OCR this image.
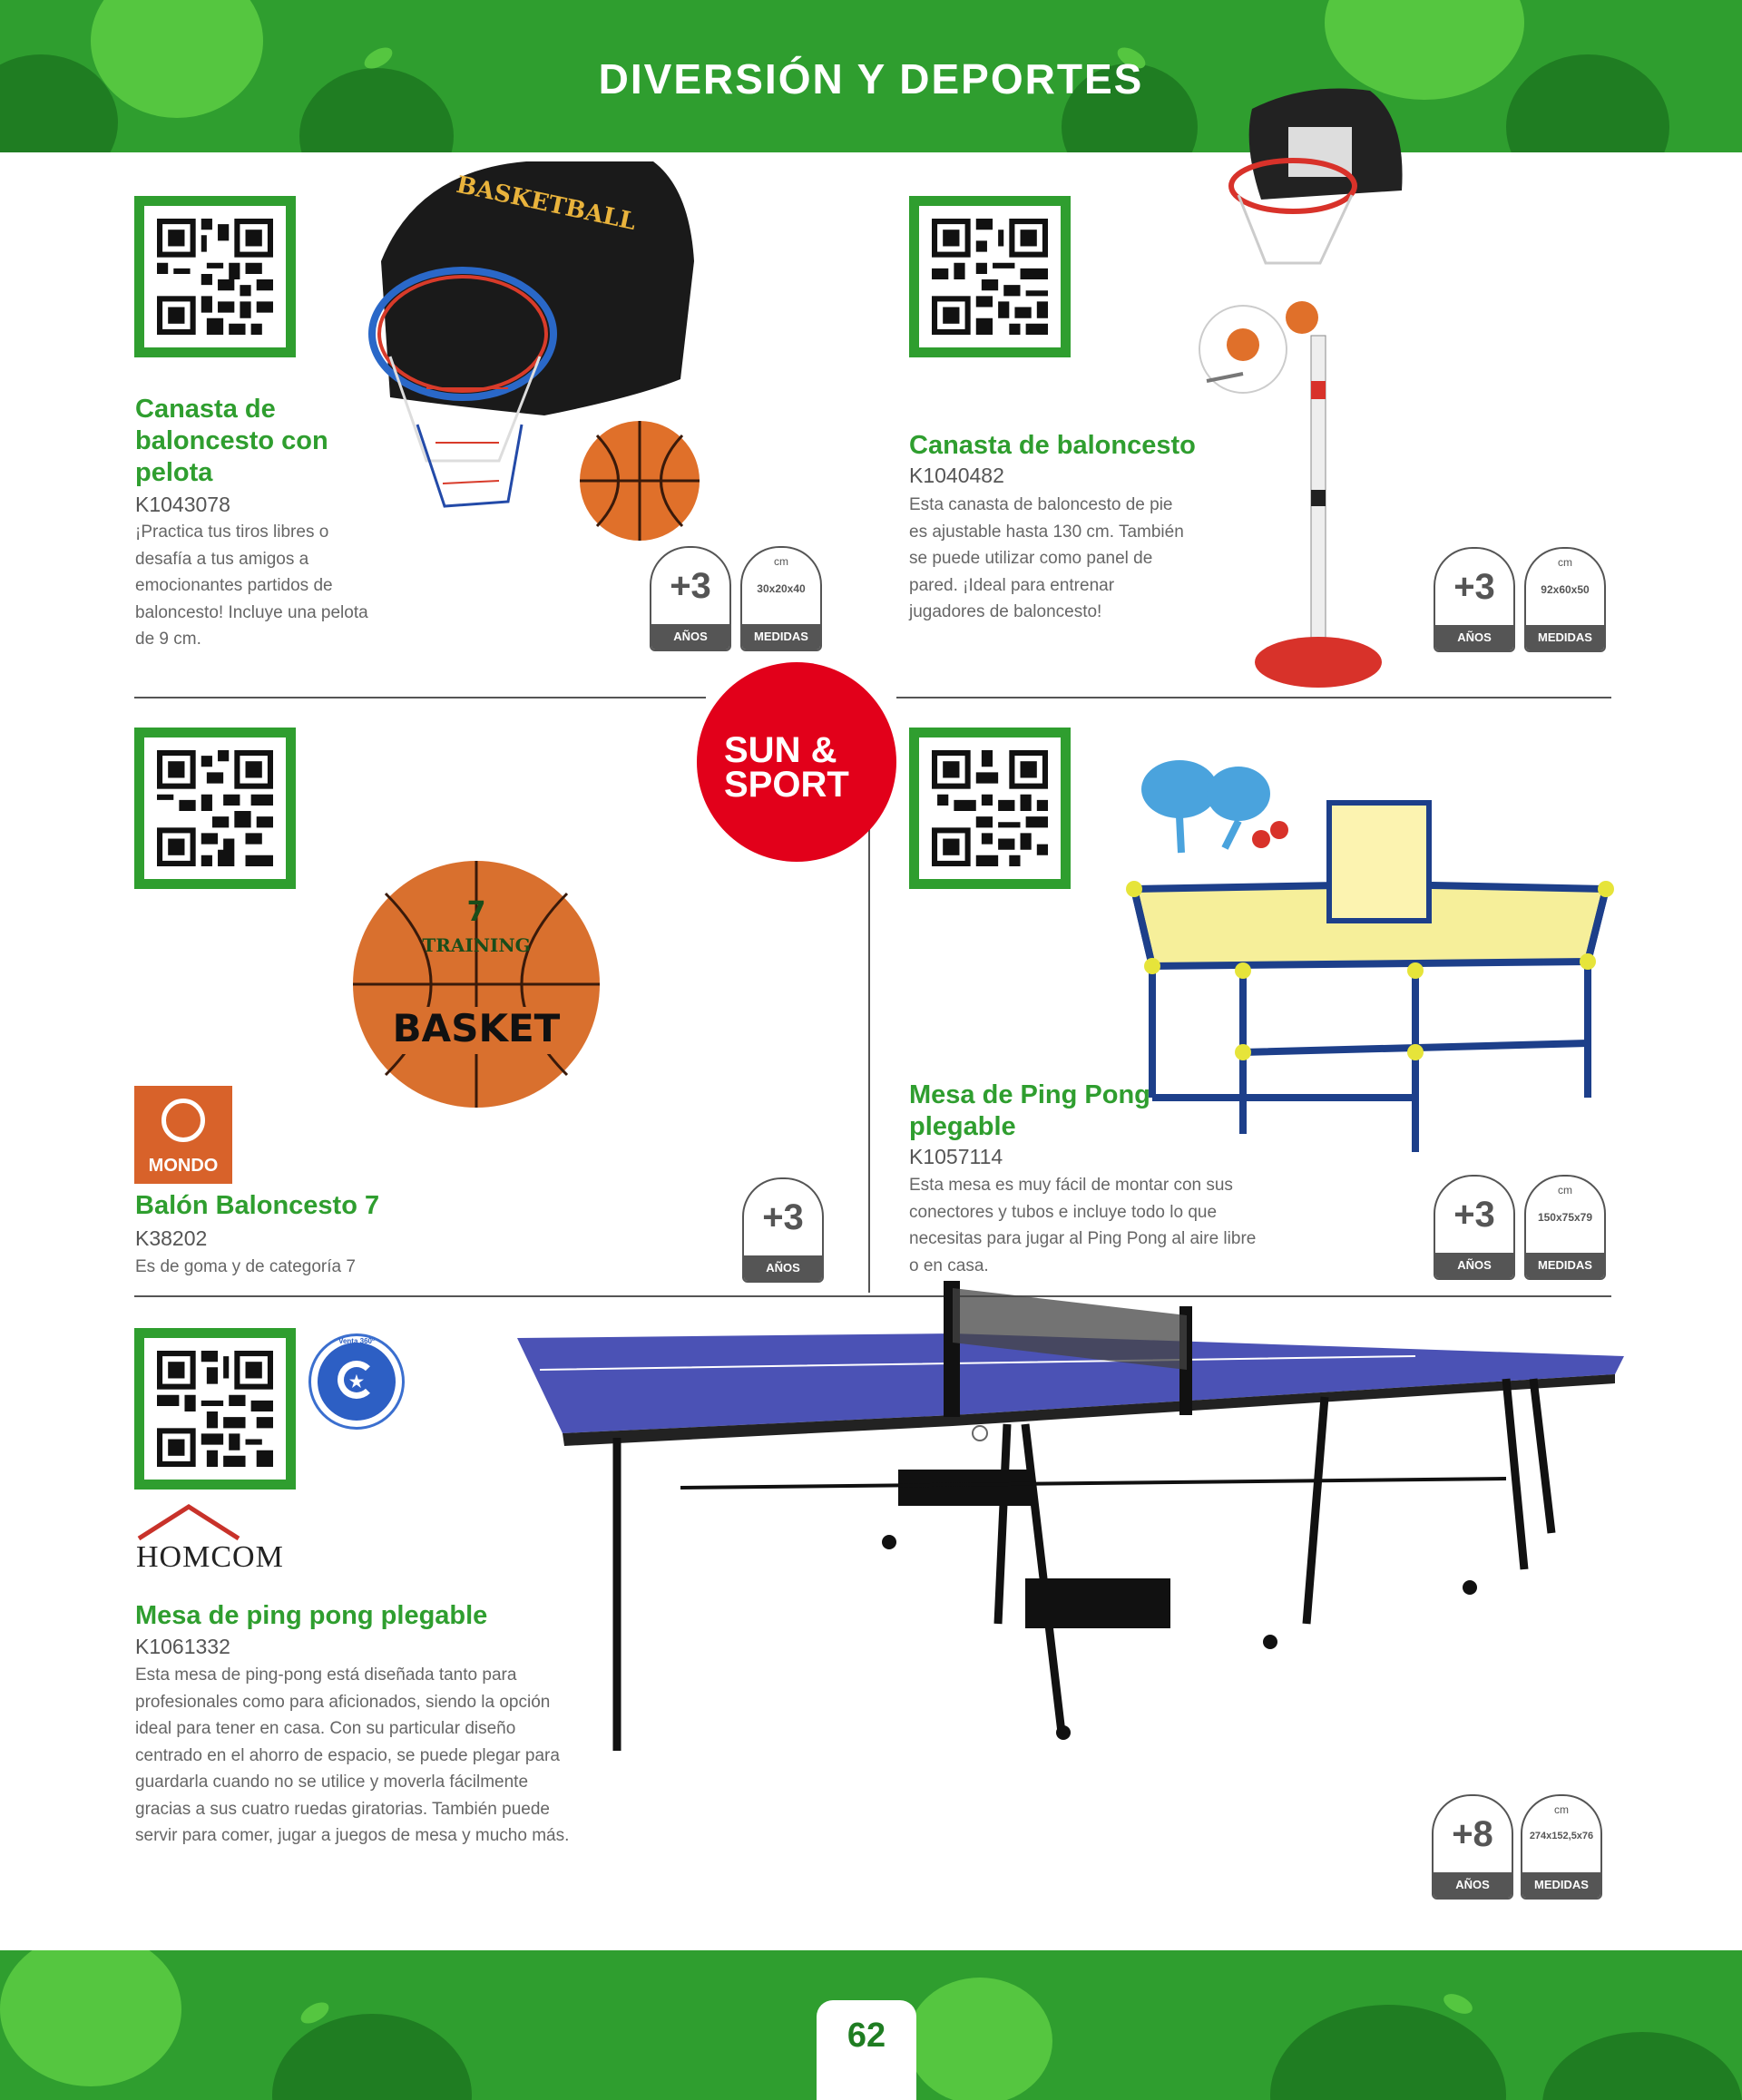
DIVERSIÓN Y DEPORTES
Canasta de baloncesto con pelota
K1043078
¡Practica tus tiros libres o desafía a tus amigos a emocionantes partidos de baloncesto! Incluye una pelota de 9 cm.
+3
AÑOS
cm
30x20x40
MEDIDAS
BASKETBALL
Canasta de baloncesto
K1040482
Esta canasta de baloncesto de pie es ajustable hasta 130 cm. También se puede utilizar como panel de pared. ¡Ideal para entrenar jugadores de baloncesto!
+3
AÑOS
cm
92x60x50
MEDIDAS
SUN &
SPORT
7
TRAINING
BASKET
MONDO
Balón Baloncesto 7
K38202
Es de goma y de categoría 7
+3
AÑOS
Mesa de Ping Pong plegable
K1057114
Esta mesa es muy fácil de montar con sus conectores y tubos e incluye todo lo que necesitas para jugar al Ping Pong al aire libre o en casa.
+3
AÑOS
cm
150x75x79
MEDIDAS
★
Venta 360º
HOMCOM
Mesa de ping pong plegable
K1061332
Esta mesa de ping-pong está diseñada tanto para profesionales como para aficionados, siendo la opción ideal para tener en casa. Con su particular diseño centrado en el ahorro de espacio, se puede plegar para guardarla cuando no se utilice y moverla fácilmente gracias a sus cuatro ruedas giratorias. También puede servir para comer, jugar a juegos de mesa y mucho más.	+8
AÑOS
cm
274x152,5x76
MEDIDAS
62
